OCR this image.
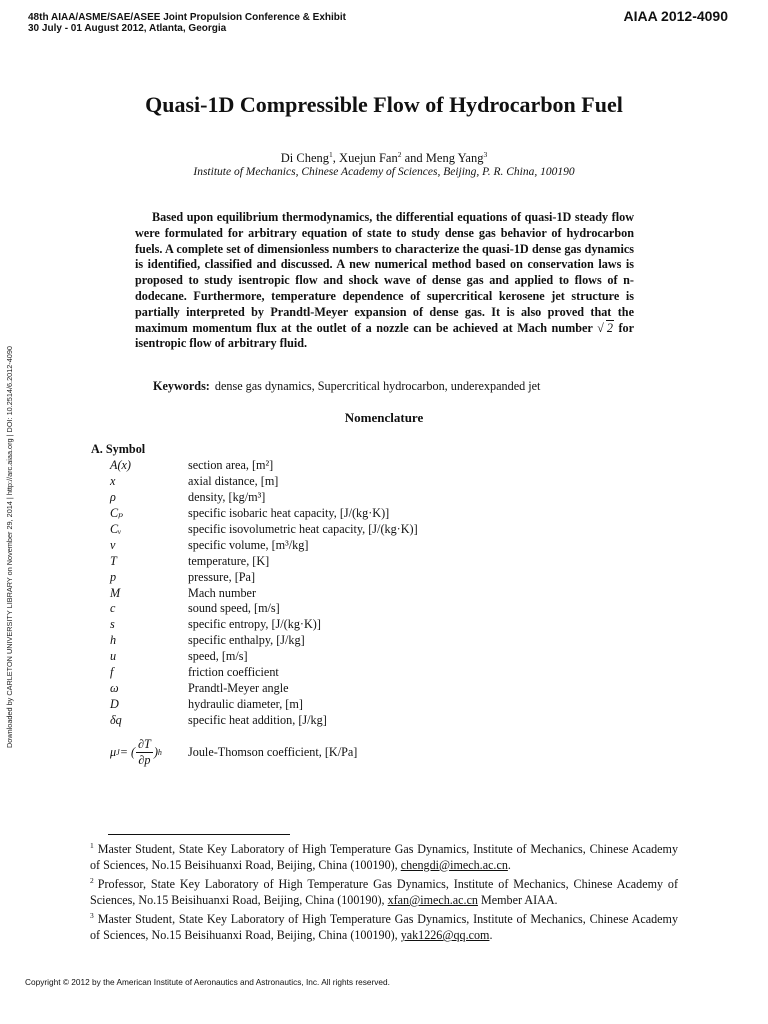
48th AIAA/ASME/SAE/ASEE Joint Propulsion Conference & Exhibit
30 July - 01 August 2012, Atlanta, Georgia
AIAA 2012-4090
Downloaded by CARLETON UNIVERSITY LIBRARY on November 29, 2014 | http://arc.aiaa.org | DOI: 10.2514/6.2012-4090
Quasi-1D Compressible Flow of Hydrocarbon Fuel
Di Cheng$^1$, Xuejun Fan$^2$ and Meng Yang$^3$
Institute of Mechanics, Chinese Academy of Sciences, Beijing, P. R. China, 100190
Based upon equilibrium thermodynamics, the differential equations of quasi-1D steady flow were formulated for arbitrary equation of state to study dense gas behavior of hydrocarbon fuels. A complete set of dimensionless numbers to characterize the quasi-1D dense gas dynamics is identified, classified and discussed. A new numerical method based on conservation laws is proposed to study isentropic flow and shock wave of dense gas and applied to flows of n-dodecane. Furthermore, temperature dependence of supercritical kerosene jet structure is partially interpreted by Prandtl-Meyer expansion of dense gas. It is also proved that the maximum momentum flux at the outlet of a nozzle can be achieved at Mach number √ 2 for isentropic flow of arbitrary fluid.
Keywords: dense gas dynamics, Supercritical hydrocarbon, underexpanded jet
Nomenclature
A. Symbol
A(x)	section area, [m²]
x	axial distance, [m]
ρ	density, [kg/m³]
Cₚ	specific isobaric heat capacity, [J/(kg·K)]
Cᵥ	specific isovolumetric heat capacity, [J/(kg·K)]
v	specific volume, [m³/kg]
T	temperature, [K]
p	pressure, [Pa]
M	Mach number
c	sound speed, [m/s]
s	specific entropy, [J/(kg·K)]
h	specific enthalpy, [J/kg]
u	speed, [m/s]
f	friction coefficient
ω	Prandtl-Meyer angle
D	hydraulic diameter, [m]
δq	specific heat addition, [J/kg]
μ J = ( $\frac{\partial T}{\partial p}$ ) h Joule-Thomson coefficient, [K/Pa]

$^1$ Master Student, State Key Laboratory of High Temperature Gas Dynamics, Institute of Mechanics, Chinese Academy of Sciences, No.15 Beisihuanxi Road, Beijing, China (100190), chengdi@imech.ac.cn.

$^2$ Professor, State Key Laboratory of High Temperature Gas Dynamics, Institute of Mechanics, Chinese Academy of Sciences, No.15 Beisihuanxi Road, Beijing, China (100190), xfan@imech.ac.cn Member AIAA.

$^3$ Master Student, State Key Laboratory of High Temperature Gas Dynamics, Institute of Mechanics, Chinese Academy of Sciences, No.15 Beisihuanxi Road, Beijing, China (100190), yak1226@qq.com.

Copyright © 2012 by the American Institute of Aeronautics and Astronautics, Inc. All rights reserved.
